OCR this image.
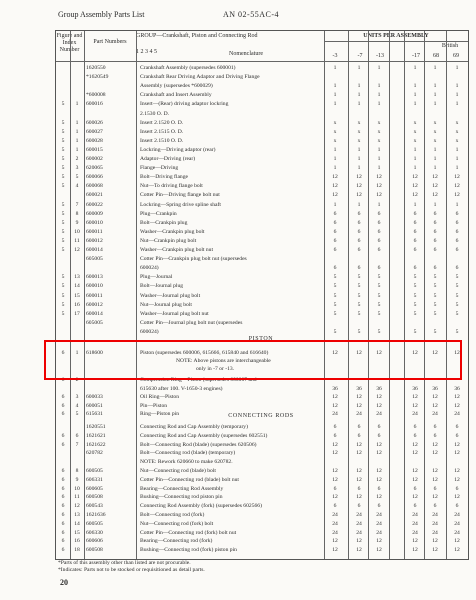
Group Assembly Parts List	AN 02-55AC-4
Figure and Index Number
Part Numbers
GROUP—Crankshaft, Piston and Connecting Rod
1 2 3 4 5	Nomenclature
UNITS PER ASSEMBLY
British
-3	-7	-13	-17	68	69
PISTON
CONNECTING RODS
1620550	Crankshaft Assembly (supersedes 600001)	1	1	1	1	1	1
*1620549	Crankshaft Rear Driving Adaptor and Driving Flange
Assembly (supersedes *600029)	1	1	1	1	1	1
*600008	Crankshaft and Insert Assembly	1	1	1	1	1	1
5	1	600016	Insert—(Rear) driving adaptor lockring	1	1	1	1	1	1
2.1530 O. D.
5	1	600026	Insert 2.1520 O. D.	x	x	x	x	x	x
5	1	600027	Insert 2.1515 O. D.	x	x	x	x	x	x
5	1	600028	Insert 2.1510 O. D.	x	x	x	x	x	x
5	1	600015	Lockring—Driving adaptor (rear)	1	1	1	1	1	1
5	2	600002	Adaptor—Driving (rear)	1	1	1	1	1	1
5	3	620065	Flange—Driving	1	1	1	1	1	1
5	5	600066	Bolt—Driving flange	12	12	12	12	12	12
5	4	600068	Nut—To driving flange bolt	12	12	12	12	12	12
600021	Cotter Pin—Driving flange bolt nut	12	12	12	12	12	12
5	7	600022	Lockring—Spring drive spline shaft	1	1	1	1	1	1
5	8	600009	Plug—Crankpin	6	6	6	6	6	6
5	9	600010	Bolt—Crankpin plug	6	6	6	6	6	6
5	10	600011	Washer—Crankpin plug bolt	6	6	6	6	6	6
5	11	600012	Nut—Crankpin plug bolt	6	6	6	6	6	6
5	12	600014	Washer—Crankpin plug bolt nut	6	6	6	6	6	6
605005	Cotter Pin—Crankpin plug bolt nut (supersedes
600024)	6	6	6	6	6	6
5	13	600013	Plug—Journal	5	5	5	5	5	5
5	14	600010	Bolt—Journal plug	5	5	5	5	5	5
5	15	600011	Washer—Journal plug bolt	5	5	5	5	5	5
5	16	600012	Nut—Journal plug bolt	5	5	5	5	5	5
5	17	600014	Washer—Journal plug bolt nut	5	5	5	5	5	5
605005	Cotter Pin—Journal plug bolt nut (supersedes
600024)	5	5	5	5	5	5
6	1	618600	Piston (supersedes 600006, 615666, 615840 and 616640)	12	12	12	12	12	12
NOTE: Above pistons are interchangeable
only in -7 or -13.
6	2	Compression Ring—Piston (supersedes 600007 and
615630 after 100. V-1650-3 engines)	36	36	36	36	36	36
6	3	600033	Oil Ring—Piston	12	12	12	12	12	12
6	4	600051	Pin—Piston	12	12	12	12	12	12
6	5	615631	Ring—Piston pin	24	24	24	24	24	24
1620551	Connecting Rod and Cap Assembly (temporary)	6	6	6	6	6	6
6	6	1621621	Connecting Rod and Cap Assembly (supersedes 602551)	6	6	6	6	6	6
6	7	1621622	Bolt—Connecting Rod (blade) (supersedes 620506)	12	12	12	12	12	12
620782	Bolt—Connecting rod (blade) (temporary)	12	12	12	12	12	12
NOTE: Rework 620660 to make 620782.
6	8	600505	Nut—Connecting rod (blade) bolt	12	12	12	12	12	12
6	9	606331	Cotter Pin—Connecting rod (blade) bolt nut	12	12	12	12	12	12
6	10	600605	Bearing—Connecting Rod Assembly	6	6	6	6	6	6
6	11	600508	Bushing—Connecting rod piston pin	12	12	12	12	12	12
6	12	600543	Connecting Rod Assembly (fork) (supersedes 602566)	6	6	6	6	6	6
6	13	1621636	Bolt—Connecting rod (fork)	24	24	24	24	24	24
6	14	600505	Nut—Connecting rod (fork) bolt	24	24	24	24	24	24
6	15	606330	Cotter Pin—Connecting rod (fork) bolt nut	24	24	24	24	24	24
6	16	600606	Bearing—Connecting rod (fork)	12	12	12	12	12	12
6	18	600508	Bushing—Connecting rod (fork) piston pin	12	12	12	12	12	12
*Parts of this assembly other than listed are not procurable.
*Indicates: Parts not to be stocked or requisitioned as detail parts.
20
